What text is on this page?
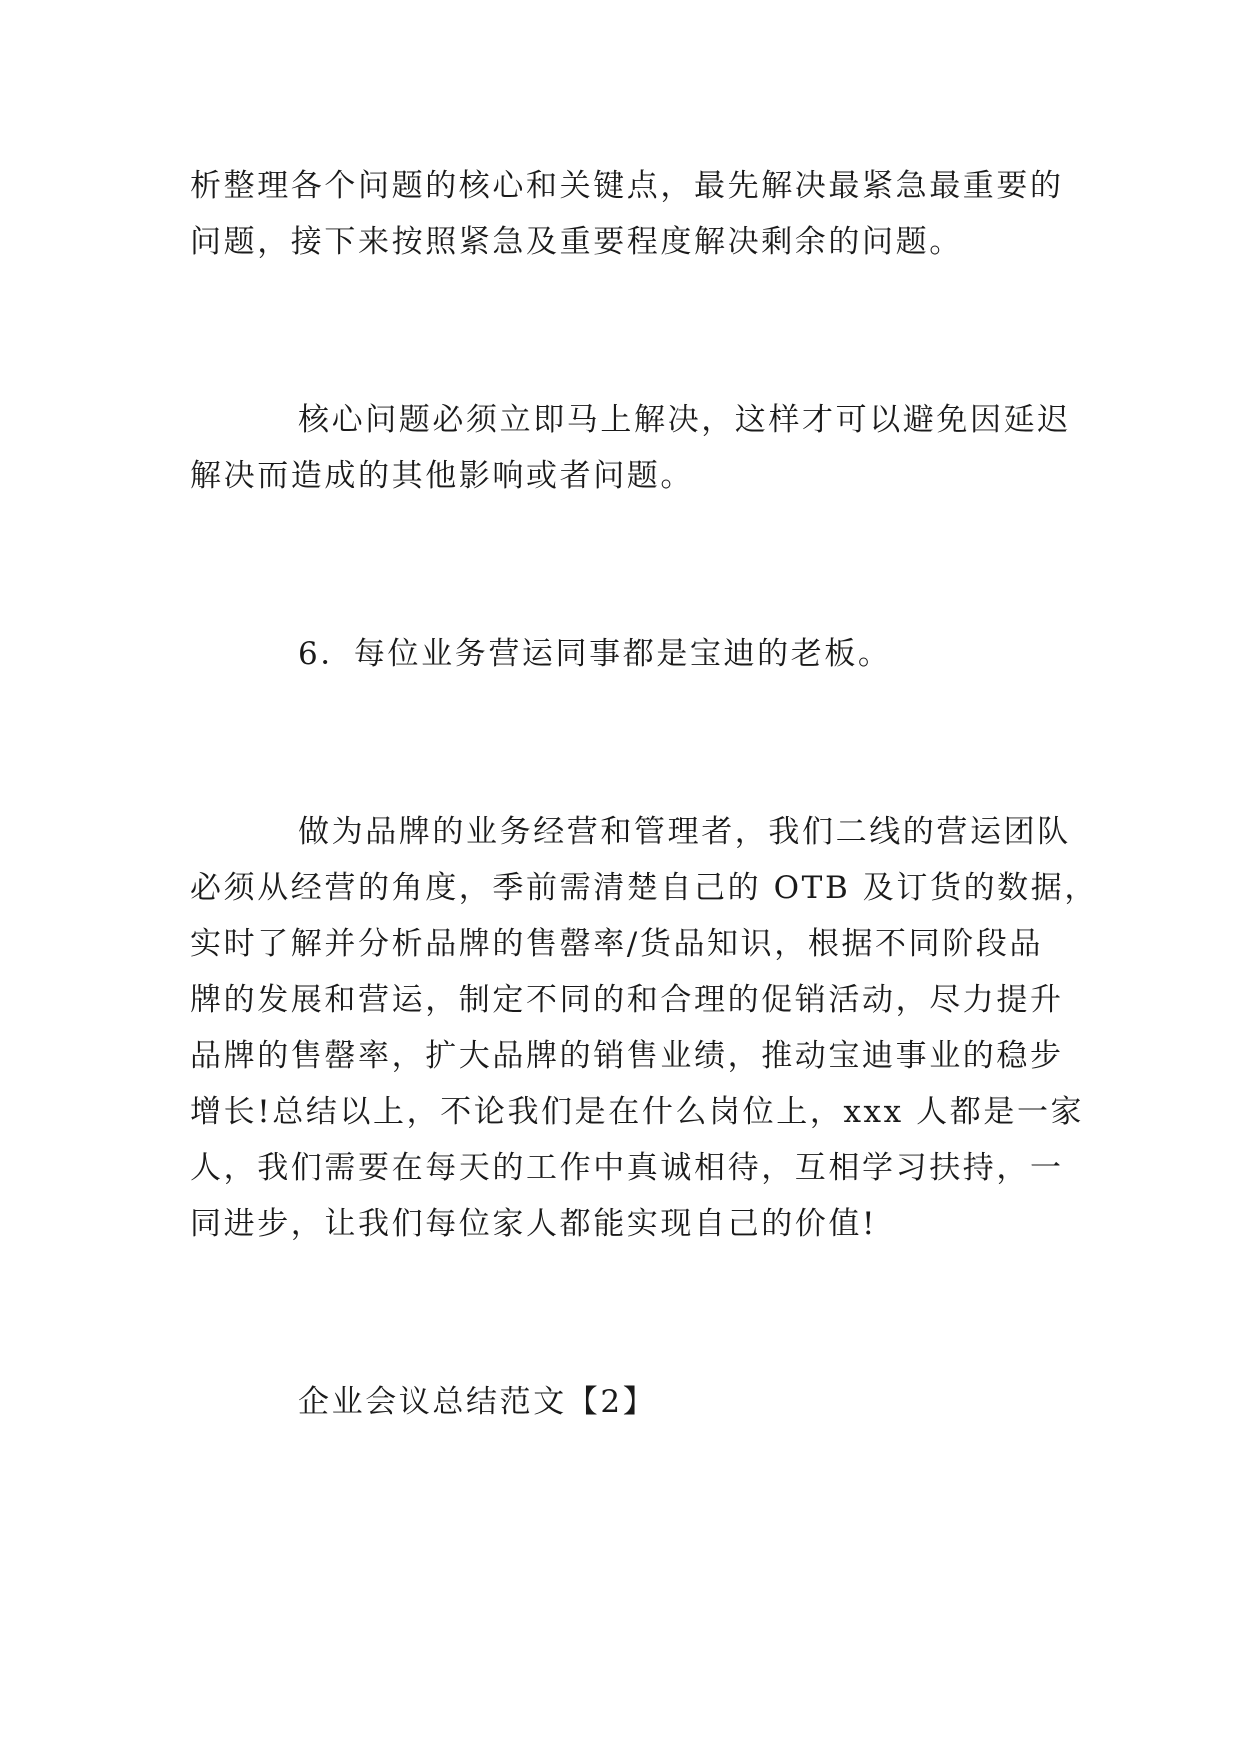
析整理各个问题的核心和关键点，最先解决最紧急最重要的
问题，接下来按照紧急及重要程度解决剩余的问题。
核心问题必须立即马上解决，这样才可以避免因延迟
解决而造成的其他影响或者问题。
6．每位业务营运同事都是宝迪的老板。
做为品牌的业务经营和管理者，我们二线的营运团队
必须从经营的角度，季前需清楚自己的 OTB 及订货的数据，
实时了解并分析品牌的售罄率/货品知识，根据不同阶段品
牌的发展和营运，制定不同的和合理的促销活动，尽力提升
品牌的售罄率，扩大品牌的销售业绩，推动宝迪事业的稳步
增长!总结以上，不论我们是在什么岗位上，xxx 人都是一家
人，我们需要在每天的工作中真诚相待，互相学习扶持，一
同进步，让我们每位家人都能实现自己的价值!
企业会议总结范文【2】
